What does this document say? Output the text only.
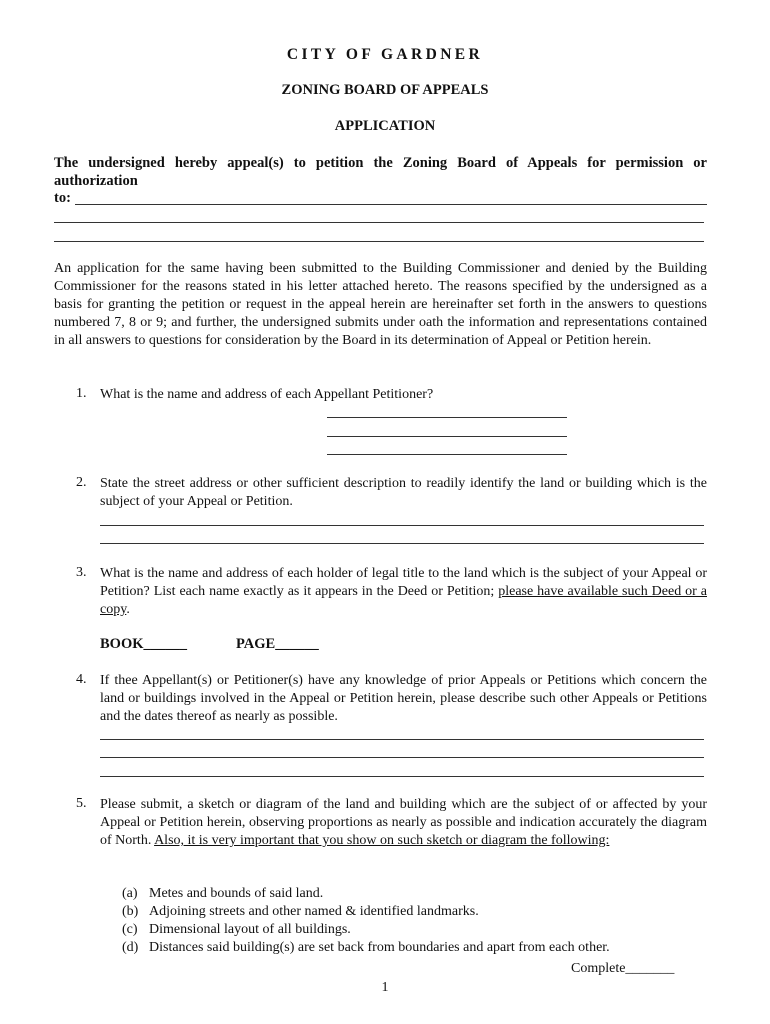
CITY OF GARDNER
ZONING BOARD OF APPEALS
APPLICATION
The undersigned hereby appeal(s) to petition the Zoning Board of Appeals for permission or authorization
to:
An application for the same having been submitted to the Building Commissioner and denied by the Building Commissioner for the reasons stated in his letter attached hereto. The reasons specified by the undersigned as a basis for granting the petition or request in the appeal herein are hereinafter set forth in the answers to questions numbered 7, 8 or 9; and further, the undersigned submits under oath the information and representations contained in all answers to questions for consideration by the Board in its determination of Appeal or Petition herein.
1. What is the name and address of each Appellant Petitioner?
2. State the street address or other sufficient description to readily identify the land or building which is the subject of your Appeal or Petition.
3. What is the name and address of each holder of legal title to the land which is the subject of your Appeal or Petition? List each name exactly as it appears in the Deed or Petition; please have available such Deed or a copy.
BOOK______	PAGE______
4. If thee Appellant(s) or Petitioner(s) have any knowledge of prior Appeals or Petitions which concern the land or buildings involved in the Appeal or Petition herein, please describe such other Appeals or Petitions and the dates thereof as nearly as possible.
5. Please submit, a sketch or diagram of the land and building which are the subject of or affected by your Appeal or Petition herein, observing proportions as nearly as possible and indication accurately the diagram of North. Also, it is very important that you show on such sketch or diagram the following:
(a) Metes and bounds of said land.
(b) Adjoining streets and other named & identified landmarks.
(c) Dimensional layout of all buildings.
(d) Distances said building(s) are set back from boundaries and apart from each other.
Complete_______
1
